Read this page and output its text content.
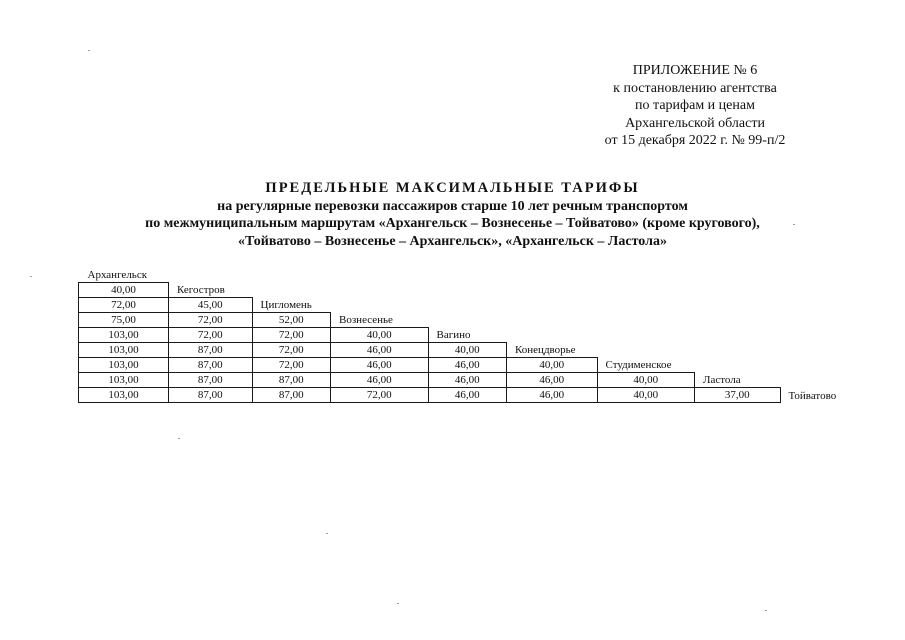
ПРИЛОЖЕНИЕ № 6
к постановлению агентства
по тарифам и ценам
Архангельской области
от 15 декабря 2022 г. № 99-п/2
ПРЕДЕЛЬНЫЕ МАКСИМАЛЬНЫЕ ТАРИФЫ
на регулярные перевозки пассажиров старше 10 лет речным транспортом
по межмуниципальным маршрутам «Архангельск – Вознесенье – Тойватово» (кроме кругового),
«Тойватово – Вознесенье – Архангельск», «Архангельск – Ластола»
Архангельск								
40,00	Кегостров							
72,00	45,00	Цигломень						
75,00	72,00	52,00	Вознесенье					
103,00	72,00	72,00	40,00	Вагино				
103,00	87,00	72,00	46,00	40,00	Конецдворье			
103,00	87,00	72,00	46,00	46,00	40,00	Студименское		
103,00	87,00	87,00	46,00	46,00	46,00	40,00	Ластола	
103,00	87,00	87,00	72,00	46,00	46,00	40,00	37,00	Тойватово
